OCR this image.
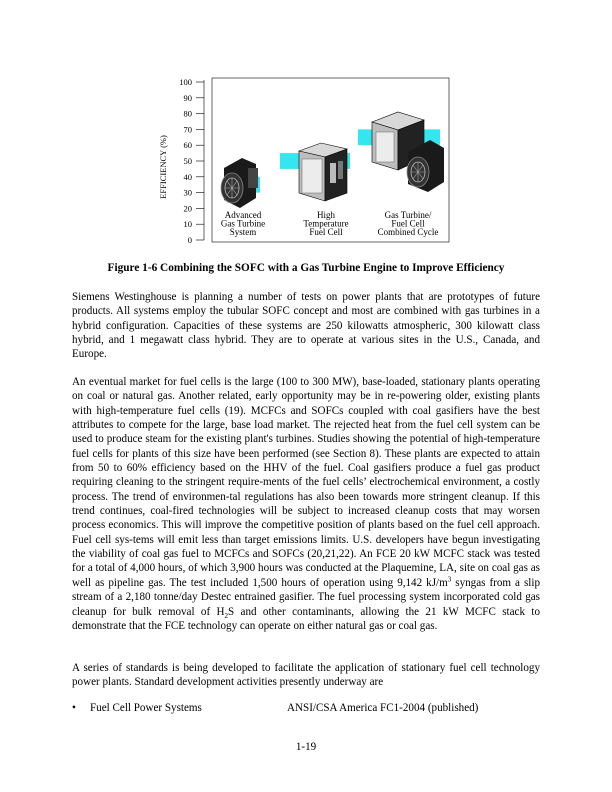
EFFICIENCY (%)
100
90
80
70
60
50
40
30
20
10
0
Advanced
Gas Turbine
System
High
Temperature
Fuel Cell
Gas Turbine/
Fuel Cell
Combined Cycle
Figure 1-6 Combining the SOFC with a Gas Turbine Engine to Improve Efficiency

Siemens Westinghouse is planning a number of tests on power plants that are prototypes of future products. All systems employ the tubular SOFC concept and most are combined with gas turbines in a hybrid configuration. Capacities of these systems are 250 kilowatts atmospheric, 300 kilowatt class hybrid, and 1 megawatt class hybrid. They are to operate at various sites in the U.S., Canada, and Europe.

An eventual market for fuel cells is the large (100 to 300 MW), base-loaded, stationary plants operating on coal or natural gas. Another related, early opportunity may be in re-powering older, existing plants with high-temperature fuel cells (19). MCFCs and SOFCs coupled with coal gasifiers have the best attributes to compete for the large, base load market. The rejected heat from the fuel cell system can be used to produce steam for the existing plant's turbines. Studies showing the potential of high-temperature fuel cells for plants of this size have been performed (see Section 8). These plants are expected to attain from 50 to 60% efficiency based on the HHV of the fuel. Coal gasifiers produce a fuel gas product requiring cleaning to the stringent require-ments of the fuel cells’ electrochemical environment, a costly process. The trend of environmen-tal regulations has also been towards more stringent cleanup. If this trend continues, coal-fired technologies will be subject to increased cleanup costs that may worsen process economics. This will improve the competitive position of plants based on the fuel cell approach. Fuel cell sys-tems will emit less than target emissions limits. U.S. developers have begun investigating the viability of coal gas fuel to MCFCs and SOFCs (20,21,22). An FCE 20 kW MCFC stack was tested for a total of 4,000 hours, of which 3,900 hours was conducted at the Plaquemine, LA, site on coal gas as well as pipeline gas. The test included 1,500 hours of operation using 9,142 $kJ/m^3$ syngas from a slip stream of a 2,180 tonne/day Destec entrained gasifier. The fuel processing system incorporated cold gas cleanup for bulk removal of $H_2S$ and other contaminants, allowing the 21 kW MCFC stack to demonstrate that the FCE technology can operate on either natural gas or coal gas.

A series of standards is being developed to facilitate the application of stationary fuel cell technology power plants. Standard development activities presently underway are

• Fuel Cell Power Systems	ANSI/CSA America FC1-2004 (published)
1-19
